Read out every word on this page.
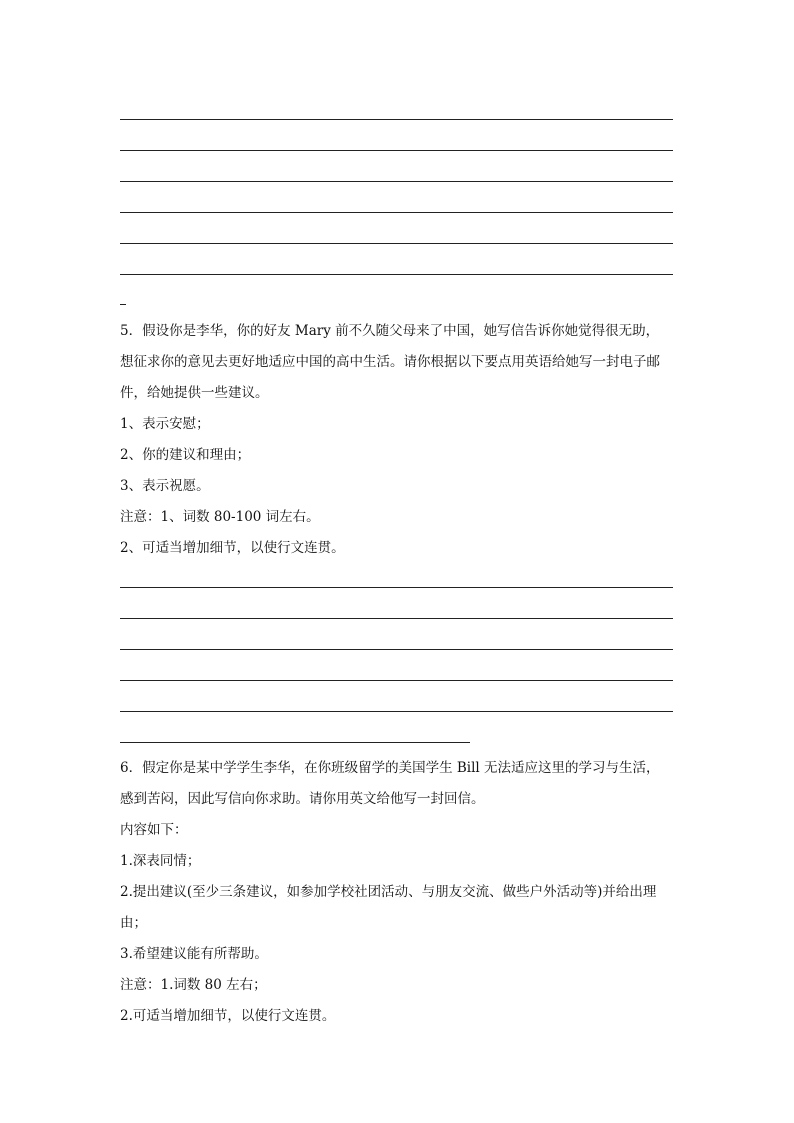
5．假设你是李华，你的好友 Mary 前不久随父母来了中国，她写信告诉你她觉得很无助，
想征求你的意见去更好地适应中国的高中生活。请你根据以下要点用英语给她写一封电子邮
件，给她提供一些建议。
1、表示安慰；
2、你的建议和理由；
3、表示祝愿。
注意：1、词数 80-100 词左右。
2、可适当增加细节，以使行文连贯。
6．假定你是某中学学生李华，在你班级留学的美国学生 Bill 无法适应这里的学习与生活，
感到苦闷，因此写信向你求助。请你用英文给他写一封回信。
内容如下：
1.深表同情；
2.提出建议(至少三条建议，如参加学校社团活动、与朋友交流、做些户外活动等)并给出理
由；
3.希望建议能有所帮助。
注意：1.词数 80 左右；
2.可适当增加细节，以使行文连贯。
